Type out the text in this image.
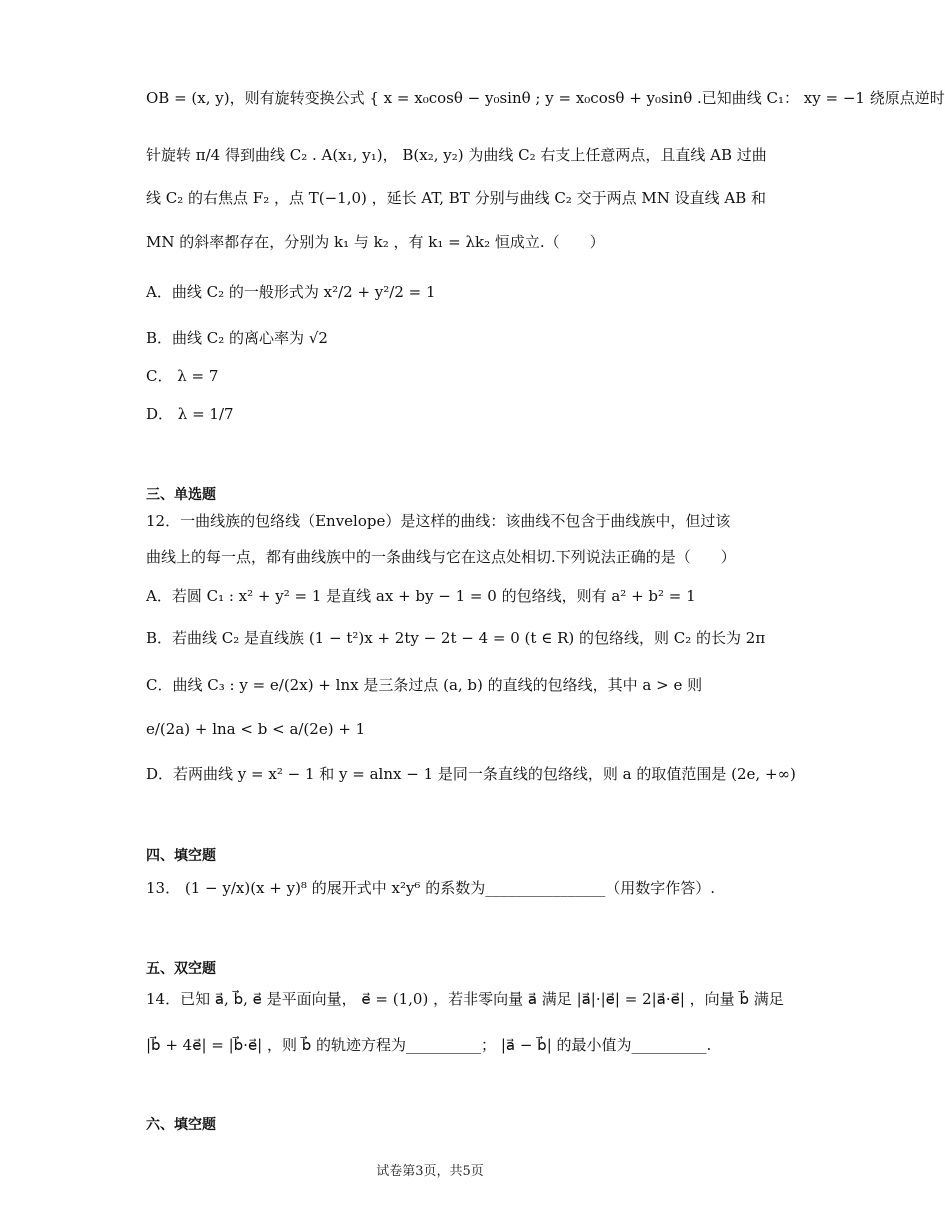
OB = (x, y)，则有旋转变换公式 { x = x₀cosθ − y₀sinθ ; y = x₀cosθ + y₀sinθ .已知曲线 C₁： xy = −1 绕原点逆时
针旋转 π/4 得到曲线 C₂ . A(x₁, y₁)， B(x₂, y₂) 为曲线 C₂ 右支上任意两点，且直线 AB 过曲
线 C₂ 的右焦点 F₂ ，点 T(−1,0) ，延长 AT, BT 分别与曲线 C₂ 交于两点 MN 设直线 AB 和
MN 的斜率都存在，分别为 k₁ 与 k₂ ，有 k₁ = λk₂ 恒成立.（　　）
A．曲线 C₂ 的一般形式为 x²/2 + y²/2 = 1
B．曲线 C₂ 的离心率为 √2
C． λ = 7
D． λ = 1/7
三、单选题
12．一曲线族的包络线（Envelope）是这样的曲线：该曲线不包含于曲线族中，但过该
曲线上的每一点，都有曲线族中的一条曲线与它在这点处相切.下列说法正确的是（　　）
A．若圆 C₁ : x² + y² = 1 是直线 ax + by − 1 = 0 的包络线，则有 a² + b² = 1
B．若曲线 C₂ 是直线族 (1 − t²)x + 2ty − 2t − 4 = 0 (t ∈ R) 的包络线，则 C₂ 的长为 2π
C．曲线 C₃ : y = e/(2x) + lnx 是三条过点 (a, b) 的直线的包络线，其中 a > e 则
e/(2a) + lna < b < a/(2e) + 1
D．若两曲线 y = x² − 1 和 y = alnx − 1 是同一条直线的包络线，则 a 的取值范围是 (2e, +∞)
四、填空题
13． (1 − y/x)(x + y)⁸ 的展开式中 x²y⁶ 的系数为________________（用数字作答）.
五、双空题
14．已知 a⃗, b⃗, e⃗ 是平面向量， e⃗ = (1,0) ，若非零向量 a⃗ 满足 |a⃗|·|e⃗| = 2|a⃗·e⃗| ，向量 b⃗ 满足
|b⃗ + 4e⃗| = |b⃗·e⃗| ，则 b⃗ 的轨迹方程为__________； |a⃗ − b⃗| 的最小值为__________.
六、填空题
试卷第3页，共5页
